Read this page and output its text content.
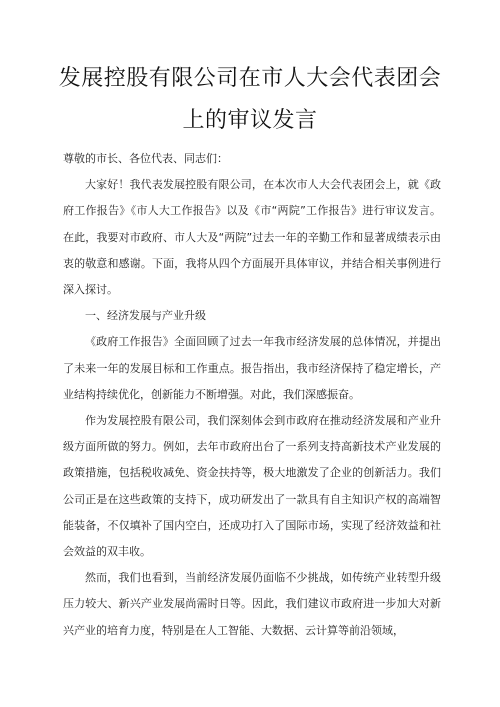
发展控股有限公司在市人大会代表团会
上的审议发言

尊敬的市长、各位代表、同志们：

大家好！我代表发展控股有限公司，在本次市人大会代表团会上，就《政府工作报告》《市人大工作报告》以及《市“两院”工作报告》进行审议发言。在此，我要对市政府、市人大及“两院”过去一年的辛勤工作和显著成绩表示由衷的敬意和感谢。下面，我将从四个方面展开具体审议，并结合相关事例进行深入探讨。

一、经济发展与产业升级

《政府工作报告》全面回顾了过去一年我市经济发展的总体情况，并提出了未来一年的发展目标和工作重点。报告指出，我市经济保持了稳定增长，产业结构持续优化，创新能力不断增强。对此，我们深感振奋。

作为发展控股有限公司，我们深刻体会到市政府在推动经济发展和产业升级方面所做的努力。例如，去年市政府出台了一系列支持高新技术产业发展的政策措施，包括税收减免、资金扶持等，极大地激发了企业的创新活力。我们公司正是在这些政策的支持下，成功研发出了一款具有自主知识产权的高端智能装备，不仅填补了国内空白，还成功打入了国际市场，实现了经济效益和社会效益的双丰收。

然而，我们也看到，当前经济发展仍面临不少挑战，如传统产业转型升级压力较大、新兴产业发展尚需时日等。因此，我们建议市政府进一步加大对新兴产业的培育力度，特别是在人工智能、大数据、云计算等前沿领域，
